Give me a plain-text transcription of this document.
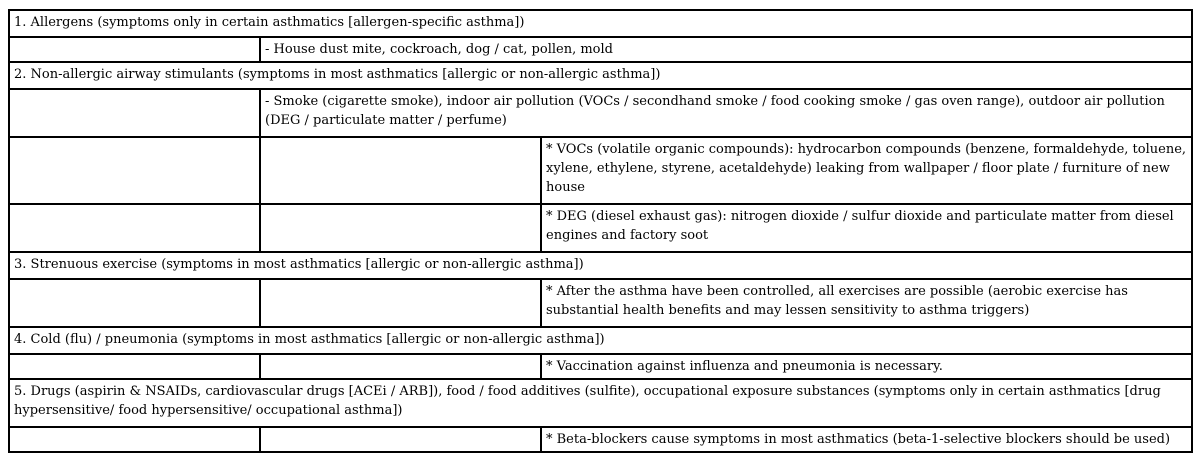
1. Allergens (symptoms only in certain asthmatics [allergen-specific asthma])		
	- House dust mite, cockroach, dog / cat, pollen, mold	
2. Non-allergic airway stimulants (symptoms in most asthmatics [allergic or non-allergic asthma])		
	- Smoke (cigarette smoke), indoor air pollution (VOCs / secondhand smoke / food cooking smoke / gas oven range), outdoor air pollution (DEG / particulate matter / perfume)	
		* VOCs (volatile organic compounds): hydrocarbon compounds (benzene, formaldehyde, toluene, xylene, ethylene, styrene, acetaldehyde) leaking from wallpaper / floor plate / furniture of new house
		* DEG (diesel exhaust gas): nitrogen dioxide / sulfur dioxide and particulate matter from diesel engines and factory soot
3. Strenuous exercise (symptoms in most asthmatics [allergic or non-allergic asthma])		
		* After the asthma have been controlled, all exercises are possible (aerobic exercise has substantial health benefits and may lessen sensitivity to asthma triggers)
4. Cold (flu) / pneumonia (symptoms in most asthmatics [allergic or non-allergic asthma])		
		* Vaccination against influenza and pneumonia is necessary.
5. Drugs (aspirin & NSAIDs, cardiovascular drugs [ACEi / ARB]), food / food additives (sulfite), occupational exposure substances (symptoms only in certain asthmatics [drug hypersensitive/ food hypersensitive/ occupational asthma])		
		* Beta-blockers cause symptoms in most asthmatics (beta-1-selective blockers should be used)
